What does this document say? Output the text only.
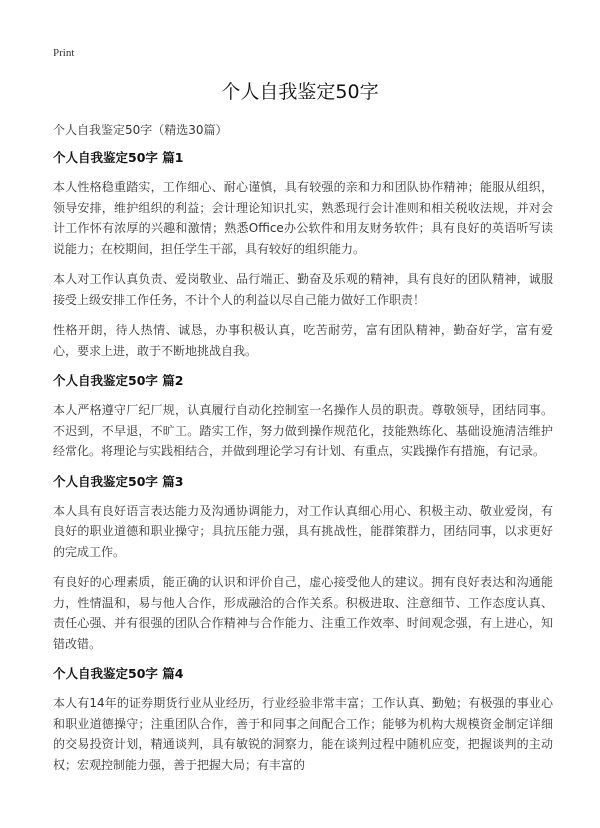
Print
个人自我鉴定50字
个人自我鉴定50字（精选30篇）
个人自我鉴定50字 篇1

本人性格稳重踏实，工作细心、耐心谨慎，具有较强的亲和力和团队协作精神；能服从组织，领导安排，维护组织的利益；会计理论知识扎实，熟悉现行会计准则和相关税收法规，并对会计工作怀有浓厚的兴趣和激情；熟悉Office办公软件和用友财务软件；具有良好的英语听写读说能力；在校期间，担任学生干部，具有较好的组织能力。

本人对工作认真负责、爱岗敬业、品行端正、勤奋及乐观的精神，具有良好的团队精神，诚服接受上级安排工作任务，不计个人的利益以尽自己能力做好工作职责！

性格开朗，待人热情、诚恳，办事积极认真，吃苦耐劳，富有团队精神，勤奋好学，富有爱心，要求上进，敢于不断地挑战自我。

个人自我鉴定50字 篇2

本人严格遵守厂纪厂规，认真履行自动化控制室一名操作人员的职责。尊敬领导，团结同事。不迟到，不早退，不旷工。踏实工作，努力做到操作规范化，技能熟练化、基础设施清洁维护经常化。将理论与实践相结合，并做到理论学习有计划、有重点，实践操作有措施，有记录。

个人自我鉴定50字 篇3

本人具有良好语言表达能力及沟通协调能力，对工作认真细心用心、积极主动、敬业爱岗，有良好的职业道德和职业操守；具抗压能力强，具有挑战性，能群策群力，团结同事，以求更好的完成工作。

有良好的心理素质，能正确的认识和评价自己，虚心接受他人的建议。拥有良好表达和沟通能力，性情温和，易与他人合作，形成融洽的合作关系。积极进取、注意细节、工作态度认真、责任心强、并有很强的团队合作精神与合作能力、注重工作效率、时间观念强，有上进心，知错改错。

个人自我鉴定50字 篇4

本人有14年的证券期货行业从业经历，行业经验非常丰富；工作认真、勤勉；有极强的事业心和职业道德操守；注重团队合作，善于和同事之间配合工作；能够为机构大规模资金制定详细的交易投资计划，精通谈判，具有敏锐的洞察力，能在谈判过程中随机应变，把握谈判的主动权；宏观控制能力强，善于把握大局；有丰富的
